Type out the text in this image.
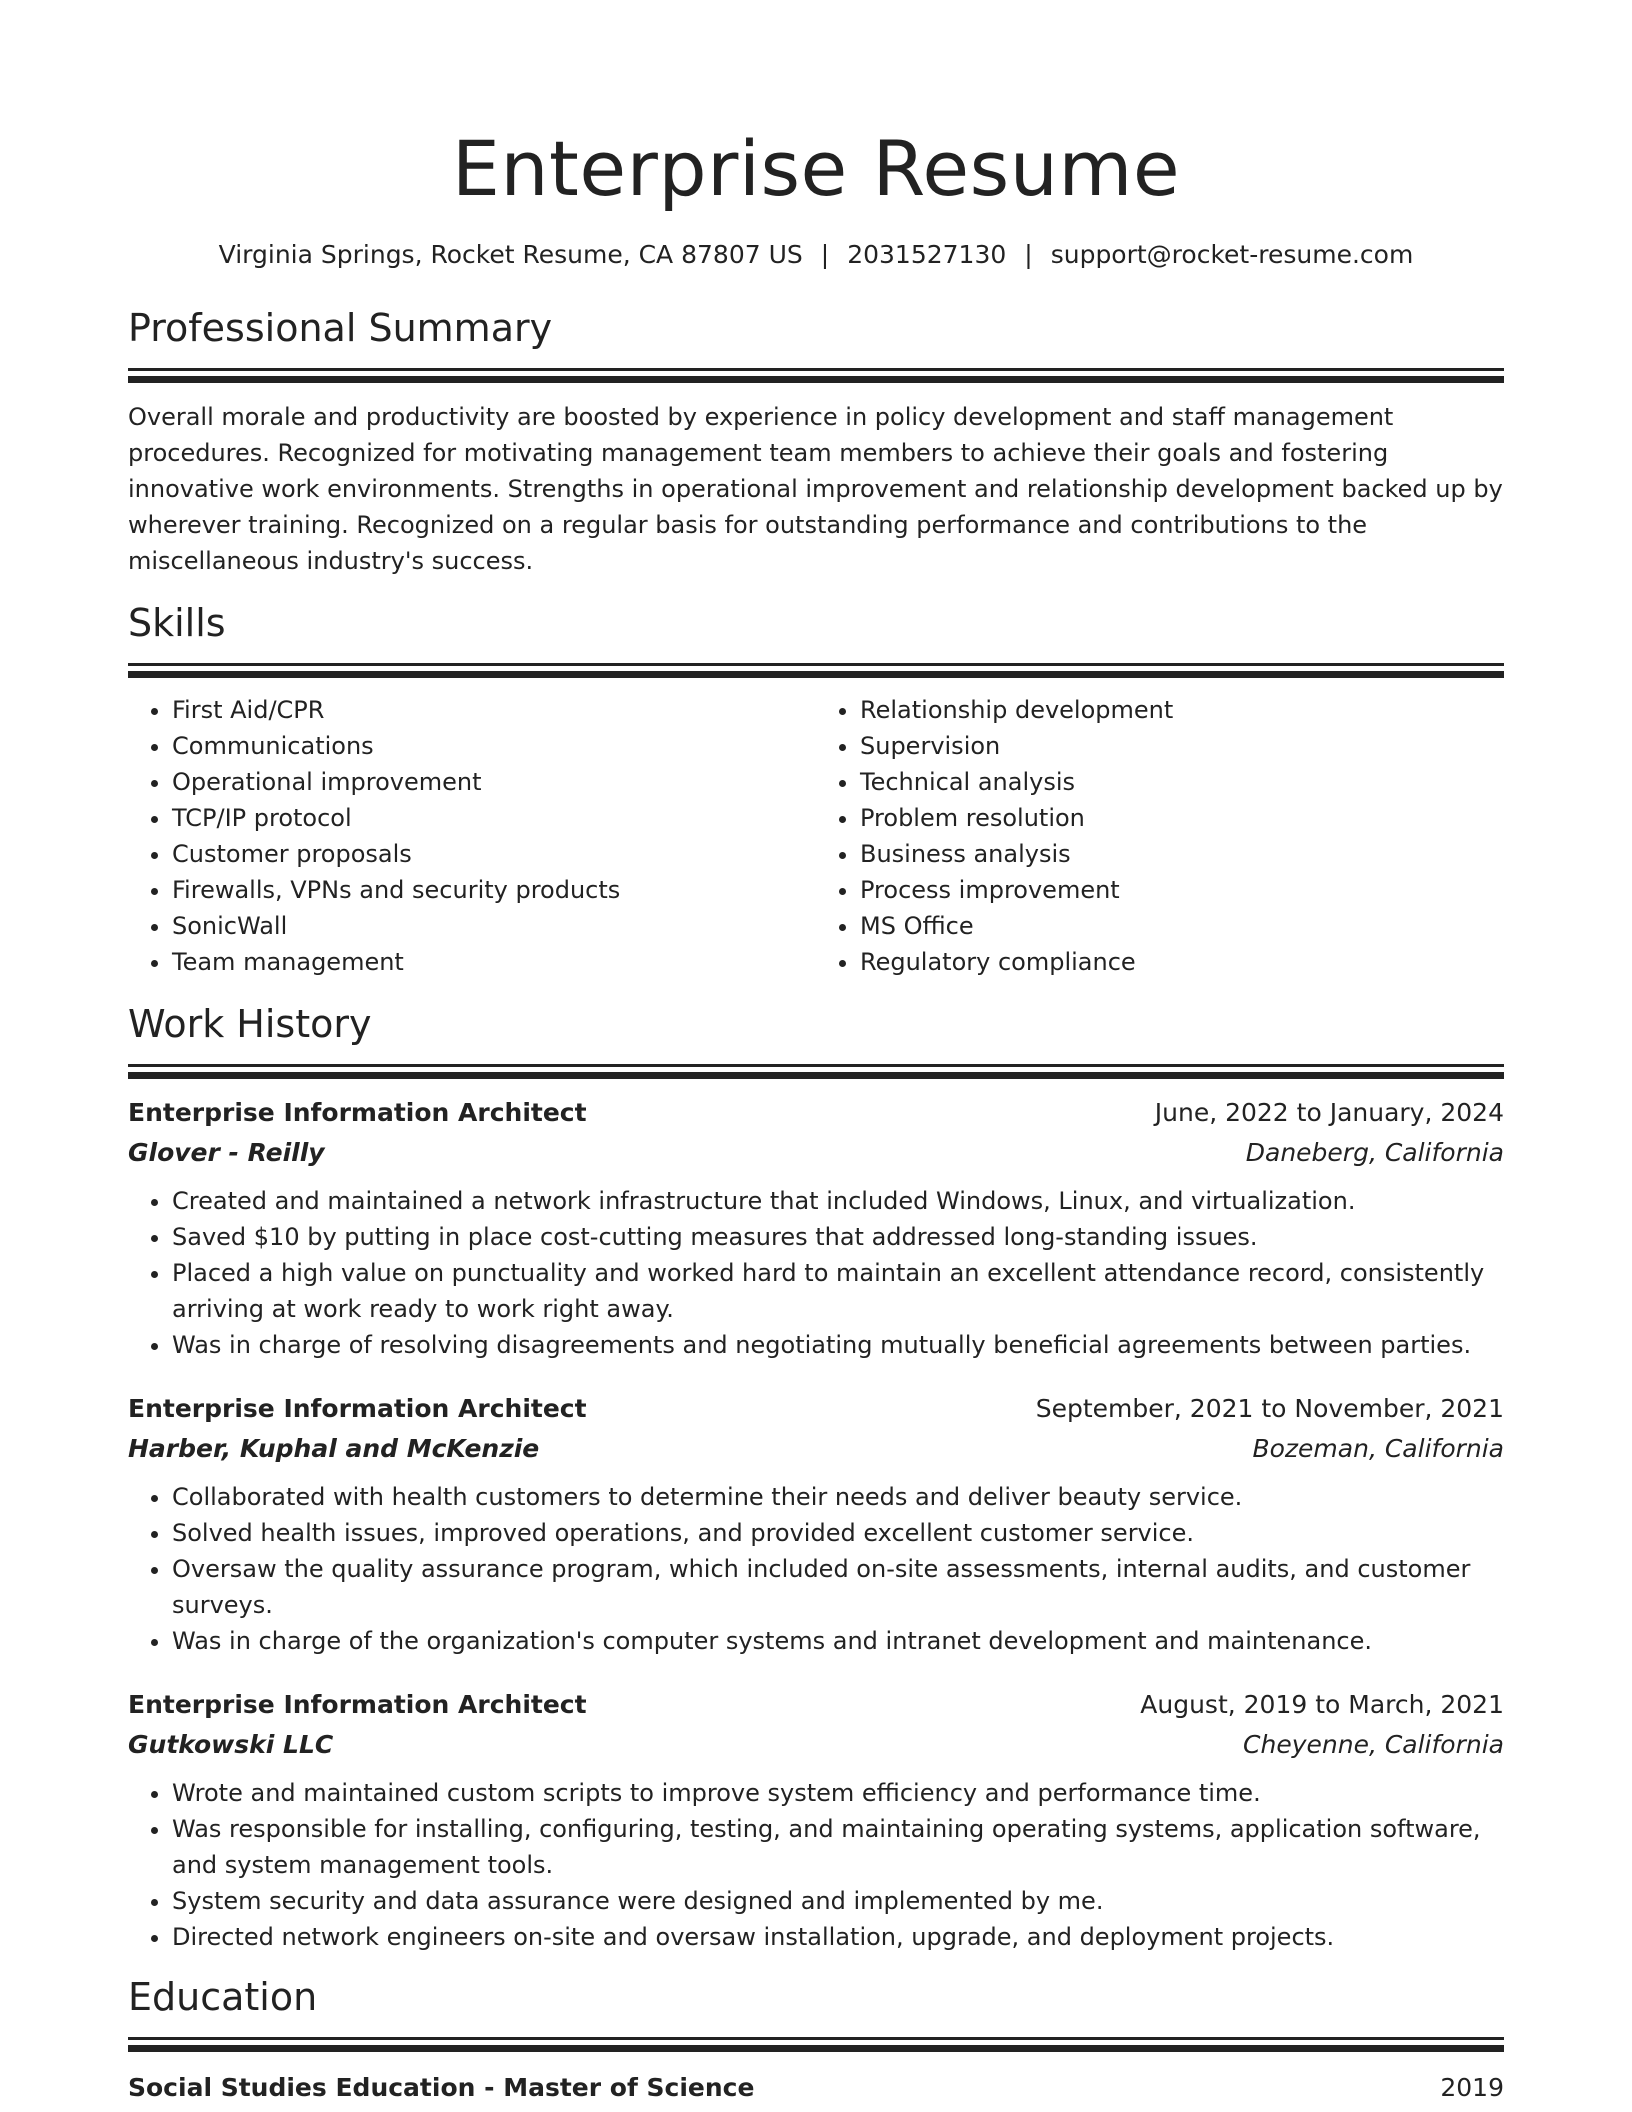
Enterprise Resume
Virginia Springs, Rocket Resume, CA 87807 US | 2031527130 | support@rocket-resume.com
Professional Summary
Overall morale and productivity are boosted by experience in policy development and staff management procedures. Recognized for motivating management team members to achieve their goals and fostering innovative work environments. Strengths in operational improvement and relationship development backed up by wherever training. Recognized on a regular basis for outstanding performance and contributions to the miscellaneous industry's success.
Skills
• First Aid/CPR
• Communications
• Operational improvement
• TCP/IP protocol
• Customer proposals
• Firewalls, VPNs and security products
• SonicWall
• Team management
• Relationship development
• Supervision
• Technical analysis
• Problem resolution
• Business analysis
• Process improvement
• MS Office
• Regulatory compliance
Work History
Enterprise Information Architect	June, 2022 to January, 2024
Glover - Reilly	Daneberg, California
• Created and maintained a network infrastructure that included Windows, Linux, and virtualization.
• Saved $10 by putting in place cost-cutting measures that addressed long-standing issues.
• Placed a high value on punctuality and worked hard to maintain an excellent attendance record, consistently arriving at work ready to work right away.
• Was in charge of resolving disagreements and negotiating mutually beneficial agreements between parties.
Enterprise Information Architect	September, 2021 to November, 2021
Harber, Kuphal and McKenzie	Bozeman, California
• Collaborated with health customers to determine their needs and deliver beauty service.
• Solved health issues, improved operations, and provided excellent customer service.
• Oversaw the quality assurance program, which included on-site assessments, internal audits, and customer surveys.
• Was in charge of the organization's computer systems and intranet development and maintenance.
Enterprise Information Architect	August, 2019 to March, 2021
Gutkowski LLC	Cheyenne, California
• Wrote and maintained custom scripts to improve system efficiency and performance time.
• Was responsible for installing, configuring, testing, and maintaining operating systems, application software, and system management tools.
• System security and data assurance were designed and implemented by me.
• Directed network engineers on-site and oversaw installation, upgrade, and deployment projects.
Education
Social Studies Education - Master of Science	2019
